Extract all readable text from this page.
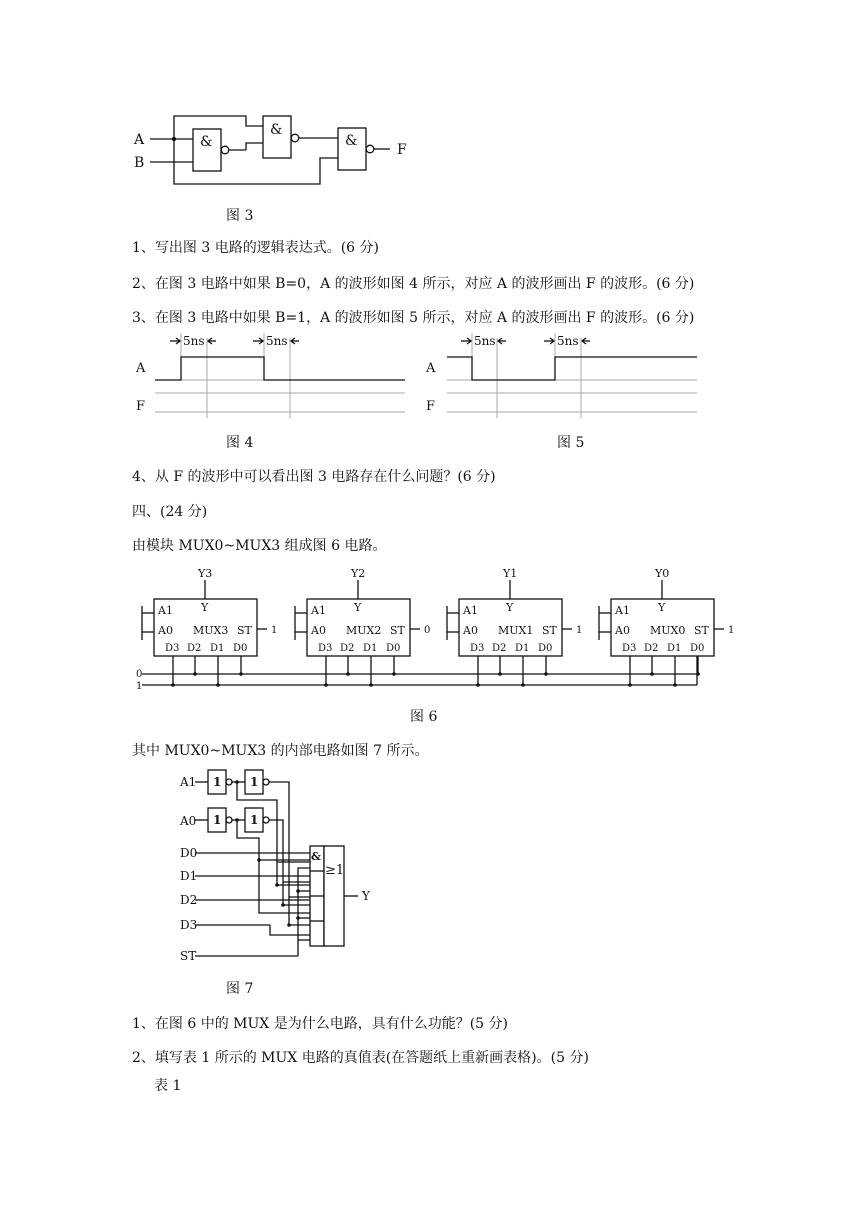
A
B
&
&
&
F
图 3
1、写出图 3 电路的逻辑表达式。(6 分)
2、在图 3 电路中如果 B=0，A 的波形如图 4 所示，对应 A 的波形画出 F 的波形。(6 分)
3、在图 3 电路中如果 B=1，A 的波形如图 5 所示，对应 A 的波形画出 F 的波形。(6 分)
A
F
5ns	5ns
A
F
5ns	5ns
图 4	图 5
4、从 F 的波形中可以看出图 3 电路存在什么问题？(6 分)
四、(24 分)
由模块 MUX0~MUX3 组成图 6 电路。
0
1
Y3
Y
A1
A0 MUX3 ST
D3 D2 D1 D0
1
Y2
Y
A1
A0 MUX2 ST
D3 D2 D1 D0
0
Y1
Y
A1
A0 MUX1 ST
D3 D2 D1 D0
1
Y0
Y
A1
A0 MUX0 ST
D3 D2 D1 D0
1
图 6
其中 MUX0~MUX3 的内部电路如图 7 所示。
A1
A0
D0
D1
D2
D3
ST
1 1
1 1
&
≥1
Y
图 7
1、在图 6 中的 MUX 是为什么电路，具有什么功能？(5 分)
2、填写表 1 所示的 MUX 电路的真值表(在答题纸上重新画表格)。(5 分)
表 1
